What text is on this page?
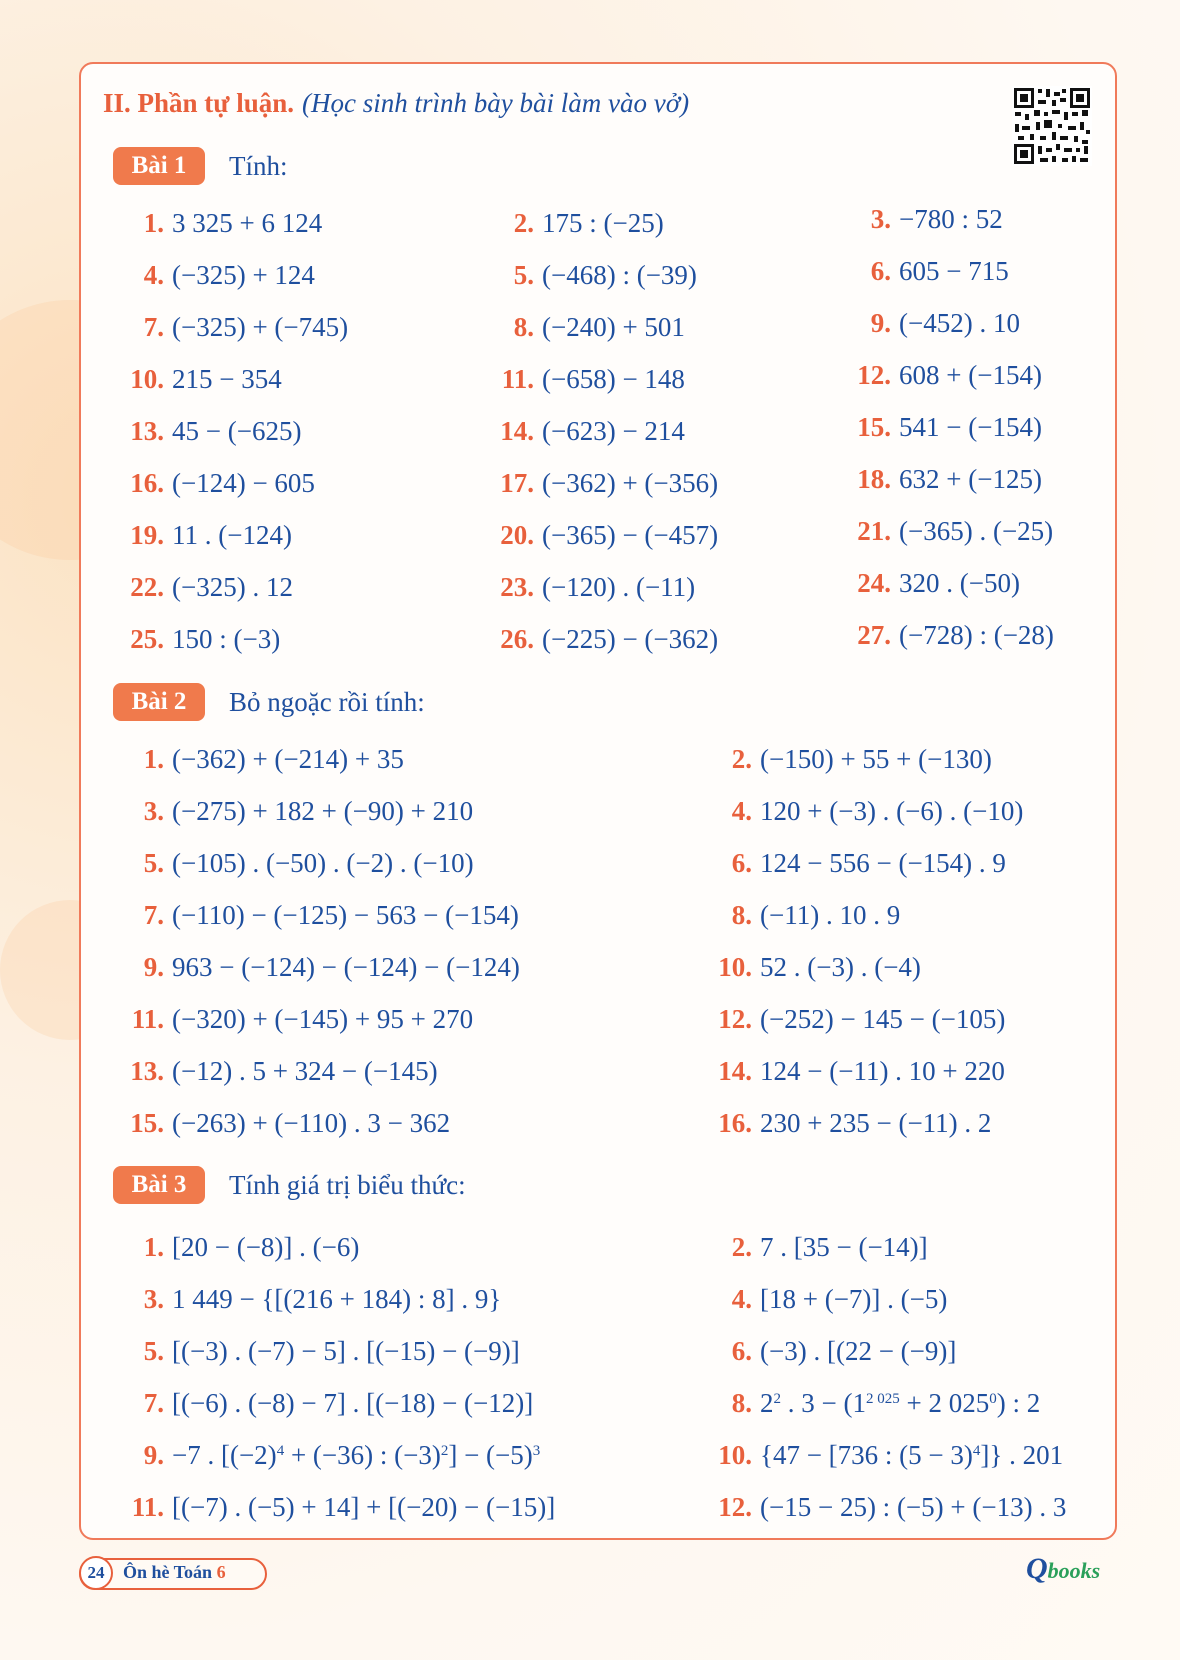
II. Phần tự luận. (Học sinh trình bày bài làm vào vở)
Bài 1	Tính:
1. 3 325 + 6 124	2. 175 : (−25)	3. −780 : 52
4. (−325) + 124	5. (−468) : (−39)	6. 605 − 715
7. (−325) + (−745)	8. (−240) + 501	9. (−452) . 10
10. 215 − 354	11. (−658) − 148	12. 608 + (−154)
13. 45 − (−625)	14. (−623) − 214	15. 541 − (−154)
16. (−124) − 605	17. (−362) + (−356)	18. 632 + (−125)
19. 11 . (−124)	20. (−365) − (−457)	21. (−365) . (−25)
22. (−325) . 12	23. (−120) . (−11)	24. 320 . (−50)
25. 150 : (−3)	26. (−225) − (−362)	27. (−728) : (−28)
Bài 2	Bỏ ngoặc rồi tính:
1. (−362) + (−214) + 35	2. (−150) + 55 + (−130)
3. (−275) + 182 + (−90) + 210	4. 120 + (−3) . (−6) . (−10)
5. (−105) . (−50) . (−2) . (−10)	6. 124 − 556 − (−154) . 9
7. (−110) − (−125) − 563 − (−154)	8. (−11) . 10 . 9
9. 963 − (−124) − (−124) − (−124)	10. 52 . (−3) . (−4)
11. (−320) + (−145) + 95 + 270	12. (−252) − 145 − (−105)
13. (−12) . 5 + 324 − (−145)	14. 124 − (−11) . 10 + 220
15. (−263) + (−110) . 3 − 362	16. 230 + 235 − (−11) . 2
Bài 3	Tính giá trị biểu thức:
1. [20 − (−8)] . (−6)	2. 7 . [35 − (−14)]
3. 1 449 − {[(216 + 184) : 8] . 9}	4. [18 + (−7)] . (−5)
5. [(−3) . (−7) − 5] . [(−15) − (−9)]	6. (−3) . [(22 − (−9)]
7. [(−6) . (−8) − 7] . [(−18) − (−12)]	8. $2^2$ . $3 - (1^{2 025} + 2$ $025^0$) : 2
9. −7 . [$(-2)^4 + (-36)$ : $(-3)^2] - (-5)^3$	10. {47 − [736 : $(5 - 3)^4$]} . 201
11. [(−7) . (−5) + 14] + [(−20) − (−15)]	12. (−15 − 25) : (−5) + (−13) . 3
24	Ôn hè Toán 6	Qbooks
